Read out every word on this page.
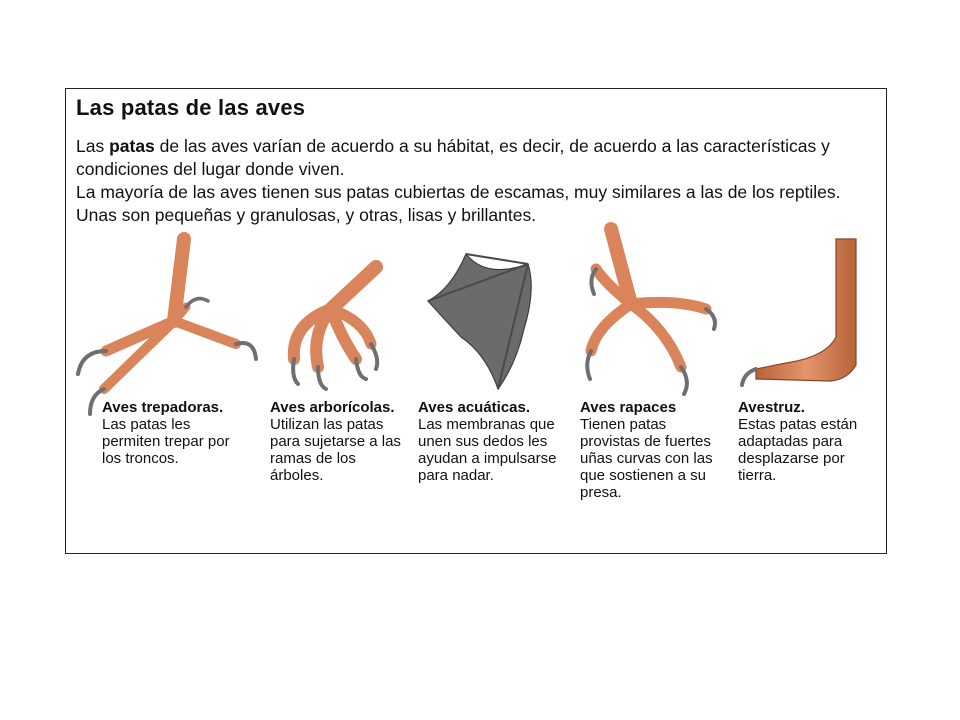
Las patas de las aves

Las patas de las aves varían de acuerdo a su hábitat, es decir, de acuerdo a las características y condiciones del lugar donde viven.

La mayoría de las aves tienen sus patas cubiertas de escamas, muy similares a las de los reptiles. Unas son pequeñas y granulosas, y otras, lisas y brillantes.

Aves trepadoras.
Las patas les permiten trepar por los troncos.
Aves arborícolas.
Utilizan las patas para sujetarse a las ramas de los árboles.
Aves acuáticas.
Las membranas que unen sus dedos les ayudan a impulsarse para nadar.
Aves rapaces
Tienen patas provistas de fuertes uñas curvas con las que sostienen a su presa.
Avestruz.
Estas patas están adaptadas para desplazarse por tierra.
